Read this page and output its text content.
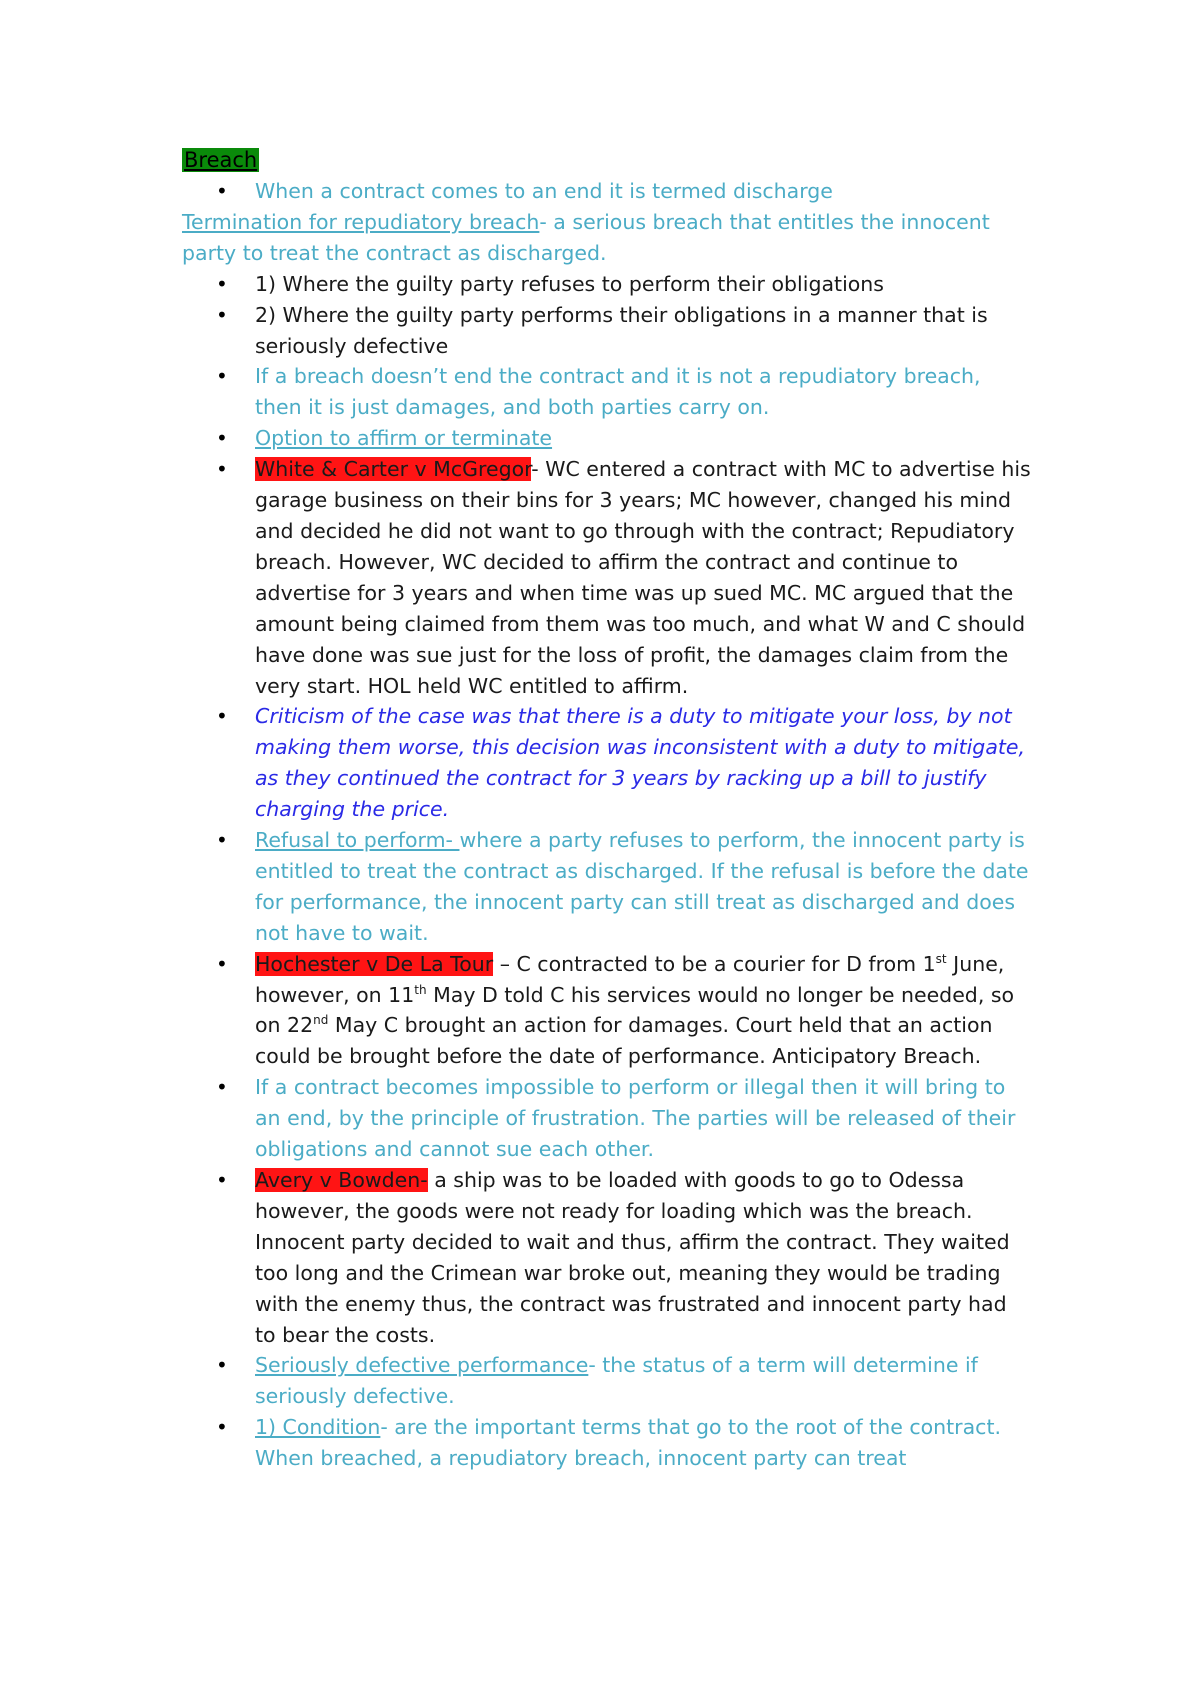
Breach

• When a contract comes to an end it is termed discharge

Termination for repudiatory breach- a serious breach that entitles the innocent party to treat the contract as discharged.

• 1) Where the guilty party refuses to perform their obligations
• 2) Where the guilty party performs their obligations in a manner that is seriously defective
• If a breach doesn’t end the contract and it is not a repudiatory breach, then it is just damages, and both parties carry on.
• Option to affirm or terminate
• White & Carter v McGregor- WC entered a contract with MC to advertise his garage business on their bins for 3 years; MC however, changed his mind and decided he did not want to go through with the contract; Repudiatory breach. However, WC decided to affirm the contract and continue to advertise for 3 years and when time was up sued MC. MC argued that the amount being claimed from them was too much, and what W and C should have done was sue just for the loss of profit, the damages claim from the very start. HOL held WC entitled to affirm.
• Criticism of the case was that there is a duty to mitigate your loss, by not making them worse, this decision was inconsistent with a duty to mitigate, as they continued the contract for 3 years by racking up a bill to justify charging the price.
• Refusal to perform- where a party refuses to perform, the innocent party is entitled to treat the contract as discharged. If the refusal is before the date for performance, the innocent party can still treat as discharged and does not have to wait.
• Hochester v De La Tour – C contracted to be a courier for D from 1st June, however, on 11th May D told C his services would no longer be needed, so on 22nd May C brought an action for damages. Court held that an action could be brought before the date of performance. Anticipatory Breach.
• If a contract becomes impossible to perform or illegal then it will bring to an end, by the principle of frustration. The parties will be released of their obligations and cannot sue each other.
• Avery v Bowden- a ship was to be loaded with goods to go to Odessa however, the goods were not ready for loading which was the breach. Innocent party decided to wait and thus, affirm the contract. They waited too long and the Crimean war broke out, meaning they would be trading with the enemy thus, the contract was frustrated and innocent party had to bear the costs.
• Seriously defective performance- the status of a term will determine if seriously defective.
• 1) Condition- are the important terms that go to the root of the contract. When breached, a repudiatory breach, innocent party can treat
